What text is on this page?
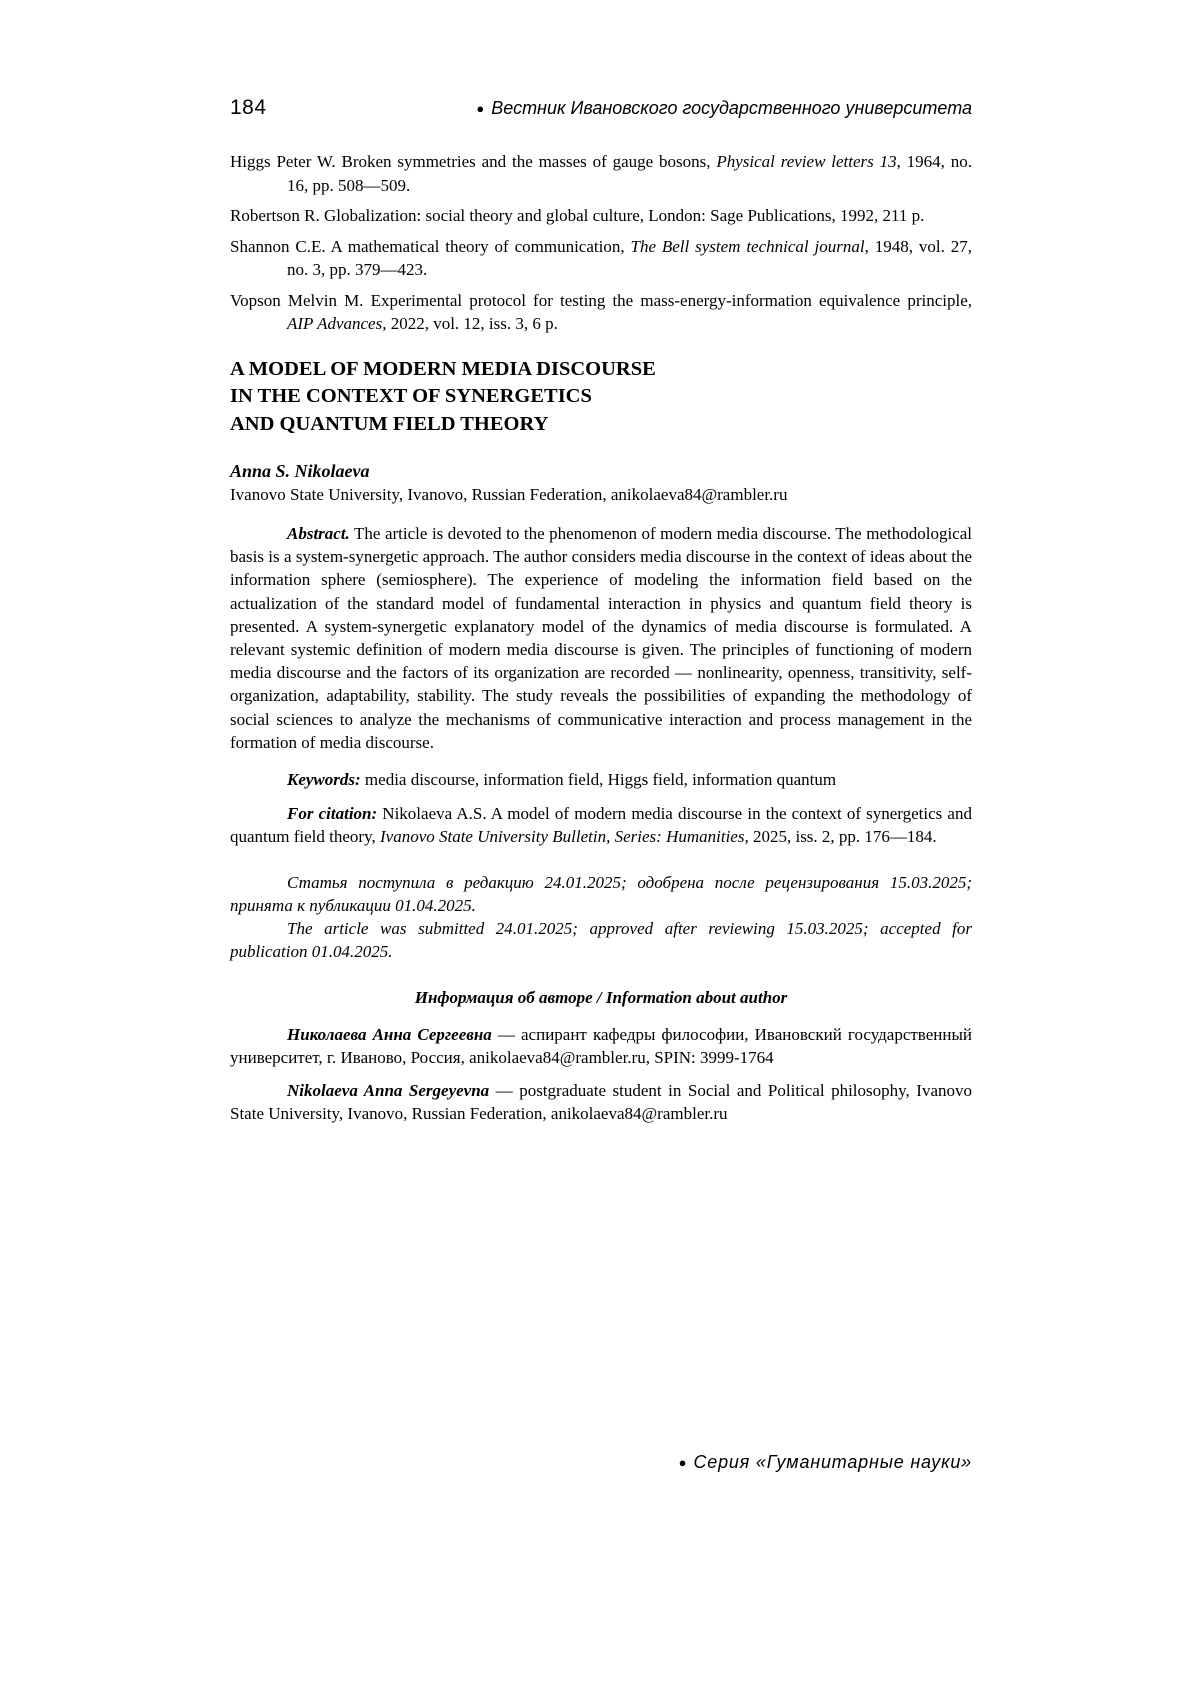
184	● Вестник Ивановского государственного университета

Higgs Peter W. Broken symmetries and the masses of gauge bosons, Physical review letters 13, 1964, no. 16, pp. 508—509.

Robertson R. Globalization: social theory and global culture, London: Sage Publications, 1992, 211 p.

Shannon C.E. A mathematical theory of communication, The Bell system technical journal, 1948, vol. 27, no. 3, pp. 379—423.

Vopson Melvin M. Experimental protocol for testing the mass-energy-information equivalence principle, AIP Advances, 2022, vol. 12, iss. 3, 6 p.

A MODEL OF MODERN MEDIA DISCOURSE
IN THE CONTEXT OF SYNERGETICS
AND QUANTUM FIELD THEORY

Anna S. Nikolaeva

Ivanovo State University, Ivanovo, Russian Federation, anikolaeva84@rambler.ru

Abstract. The article is devoted to the phenomenon of modern media discourse. The methodological basis is a system-synergetic approach. The author considers media discourse in the context of ideas about the information sphere (semiosphere). The experience of modeling the information field based on the actualization of the standard model of fundamental interaction in physics and quantum field theory is presented. A system-synergetic explanatory model of the dynamics of media discourse is formulated. A relevant systemic definition of modern media discourse is given. The principles of functioning of modern media discourse and the factors of its organization are recorded — nonlinearity, openness, transitivity, self-organization, adaptability, stability. The study reveals the possibilities of expanding the methodology of social sciences to analyze the mechanisms of communicative interaction and process management in the formation of media discourse.

Keywords: media discourse, information field, Higgs field, information quantum

For citation: Nikolaeva A.S. A model of modern media discourse in the context of synergetics and quantum field theory, Ivanovo State University Bulletin, Series: Humanities, 2025, iss. 2, pp. 176—184.

Статья поступила в редакцию 24.01.2025; одобрена после рецензирования 15.03.2025; принята к публикации 01.04.2025.

The article was submitted 24.01.2025; approved after reviewing 15.03.2025; accepted for publication 01.04.2025.

Информация об авторе / Information about author

Николаева Анна Сергеевна — аспирант кафедры философии, Ивановский государственный университет, г. Иваново, Россия, anikolaeva84@rambler.ru, SPIN: 3999-1764

Nikolaeva Anna Sergeyevna — postgraduate student in Social and Political philosophy, Ivanovo State University, Ivanovo, Russian Federation, anikolaeva84@rambler.ru

● Серия «Гуманитарные науки»
